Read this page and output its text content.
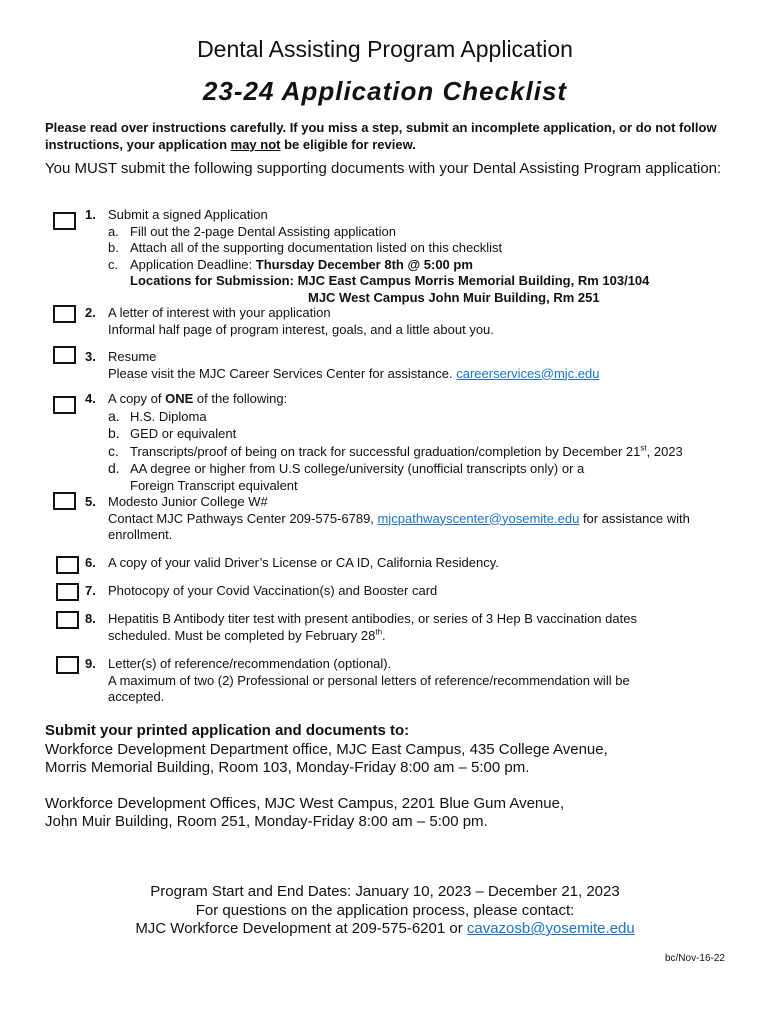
Dental Assisting Program Application
23-24 Application Checklist
Please read over instructions carefully. If you miss a step, submit an incomplete application, or do not follow instructions, your application may not be eligible for review.
You MUST submit the following supporting documents with your Dental Assisting Program application:
1. Submit a signed Application
a. Fill out the 2-page Dental Assisting application
b. Attach all of the supporting documentation listed on this checklist
c. Application Deadline: Thursday December 8th @ 5:00 pm
Locations for Submission: MJC East Campus Morris Memorial Building, Rm 103/104
MJC West Campus John Muir Building, Rm 251
2. A letter of interest with your application
Informal half page of program interest, goals, and a little about you.
3. Resume
Please visit the MJC Career Services Center for assistance. careerservices@mjc.edu
4. A copy of ONE of the following:
a. H.S. Diploma
b. GED or equivalent
c. Transcripts/proof of being on track for successful graduation/completion by December 21st, 2023
d. AA degree or higher from U.S college/university (unofficial transcripts only) or a
Foreign Transcript equivalent
5. Modesto Junior College W#
Contact MJC Pathways Center 209-575-6789, mjcpathwayscenter@yosemite.edu for assistance with enrollment.
6. A copy of your valid Driver’s License or CA ID, California Residency.
7. Photocopy of your Covid Vaccination(s) and Booster card
8. Hepatitis B Antibody titer test with present antibodies, or series of 3 Hep B vaccination dates scheduled. Must be completed by February 28th.
9. Letter(s) of reference/recommendation (optional).
A maximum of two (2) Professional or personal letters of reference/recommendation will be accepted.
Submit your printed application and documents to:
Workforce Development Department office, MJC East Campus, 435 College Avenue,
Morris Memorial Building, Room 103, Monday-Friday 8:00 am – 5:00 pm.
Workforce Development Offices, MJC West Campus, 2201 Blue Gum Avenue,
John Muir Building, Room 251, Monday-Friday 8:00 am – 5:00 pm.
Program Start and End Dates: January 10, 2023 – December 21, 2023
For questions on the application process, please contact:
MJC Workforce Development at 209-575-6201 or cavazosb@yosemite.edu
bc/Nov-16-22
